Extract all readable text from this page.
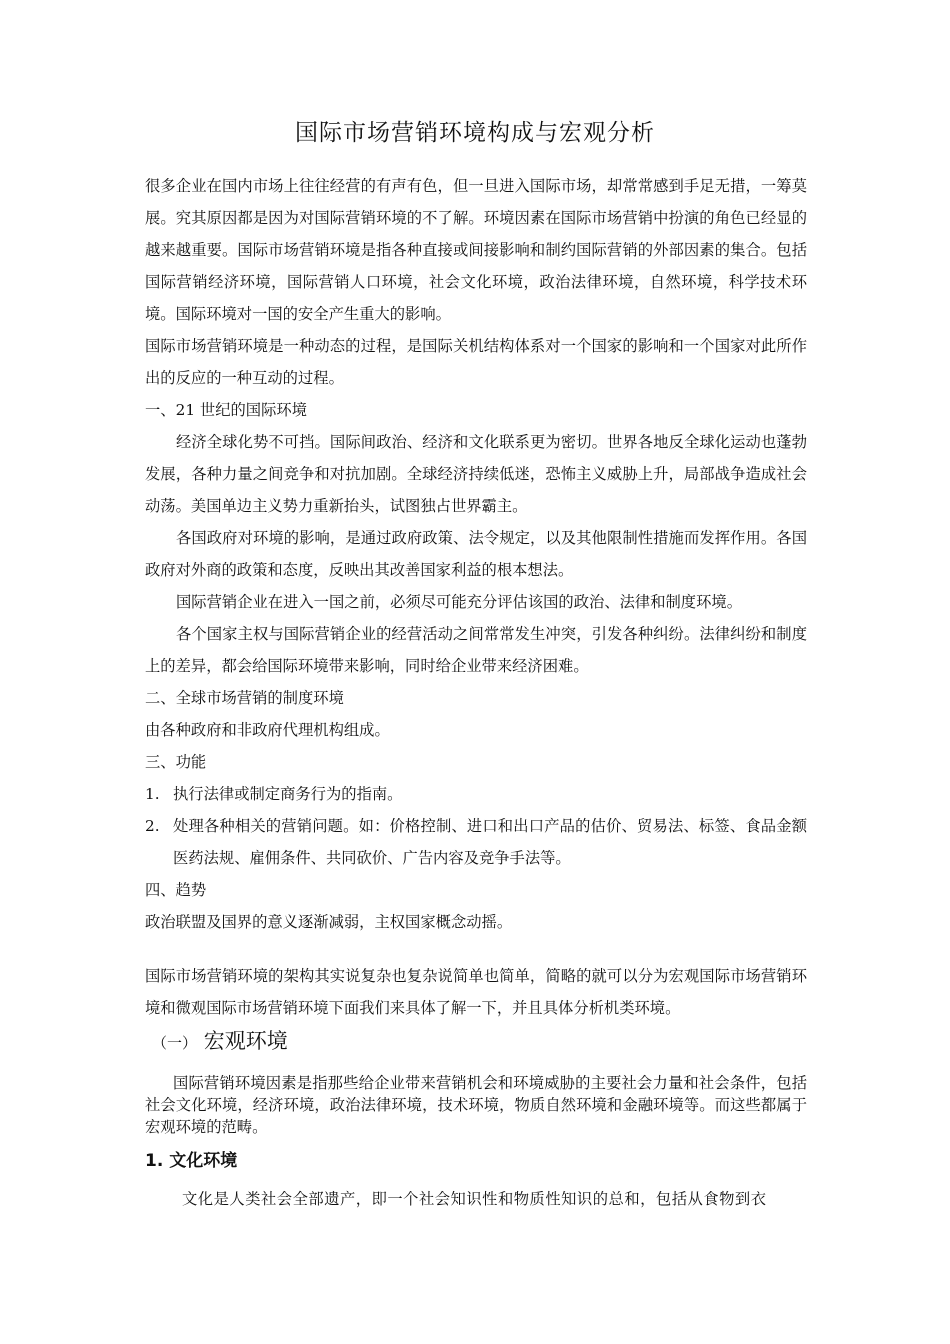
国际市场营销环境构成与宏观分析

很多企业在国内市场上往往经营的有声有色，但一旦进入国际市场，却常常感到手足无措，一筹莫展。究其原因都是因为对国际营销环境的不了解。环境因素在国际市场营销中扮演的角色已经显的越来越重要。国际市场营销环境是指各种直接或间接影响和制约国际营销的外部因素的集合。包括国际营销经济环境，国际营销人口环境，社会文化环境，政治法律环境，自然环境，科学技术环境。国际环境对一国的安全产生重大的影响。

国际市场营销环境是一种动态的过程，是国际关机结构体系对一个国家的影响和一个国家对此所作出的反应的一种互动的过程。

一、21 世纪的国际环境

经济全球化势不可挡。国际间政治、经济和文化联系更为密切。世界各地反全球化运动也蓬勃发展，各种力量之间竞争和对抗加剧。全球经济持续低迷，恐怖主义威胁上升，局部战争造成社会动荡。美国单边主义势力重新抬头，试图独占世界霸主。

各国政府对环境的影响，是通过政府政策、法令规定，以及其他限制性措施而发挥作用。各国政府对外商的政策和态度，反映出其改善国家利益的根本想法。

国际营销企业在进入一国之前，必须尽可能充分评估该国的政治、法律和制度环境。

各个国家主权与国际营销企业的经营活动之间常常发生冲突，引发各种纠纷。法律纠纷和制度上的差异，都会给国际环境带来影响，同时给企业带来经济困难。

二、全球市场营销的制度环境

由各种政府和非政府代理机构组成。

三、功能

1. 执行法律或制定商务行为的指南。
2. 处理各种相关的营销问题。如：价格控制、进口和出口产品的估价、贸易法、标签、食品金额医药法规、雇佣条件、共同砍价、广告内容及竞争手法等。

四、趋势

政治联盟及国界的意义逐渐减弱，主权国家概念动摇。

国际市场营销环境的架构其实说复杂也复杂说简单也简单，简略的就可以分为宏观国际市场营销环境和微观国际市场营销环境下面我们来具体了解一下，并且具体分析机类环境。

（一） 宏观环境

国际营销环境因素是指那些给企业带来营销机会和环境威胁的主要社会力量和社会条件，包括社会文化环境，经济环境，政治法律环境，技术环境，物质自然环境和金融环境等。而这些都属于宏观环境的范畴。

1. 文化环境

文化是人类社会全部遗产，即一个社会知识性和物质性知识的总和，包括从食物到衣
